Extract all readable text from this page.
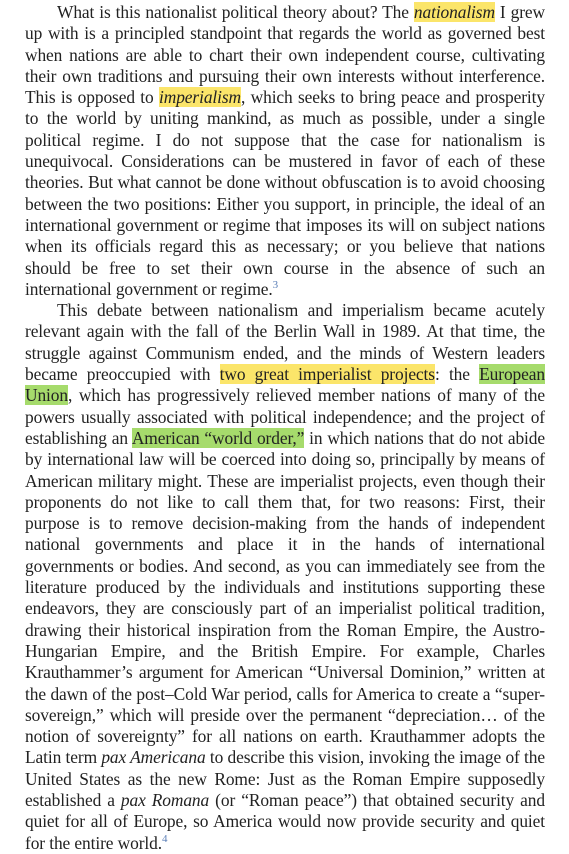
What is this nationalist political theory about? The nationalism I grew up with is a principled standpoint that regards the world as governed best when nations are able to chart their own independent course, cultivating their own traditions and pursuing their own interests without interference. This is opposed to imperialism, which seeks to bring peace and prosperity to the world by uniting mankind, as much as possible, under a single political regime. I do not suppose that the case for nationalism is unequivocal. Considerations can be mustered in favor of each of these theories. But what cannot be done without obfuscation is to avoid choosing between the two positions: Either you support, in principle, the ideal of an international government or regime that imposes its will on subject nations when its officials regard this as necessary; or you believe that nations should be free to set their own course in the absence of such an international government or regime.$^3$

This debate between nationalism and imperialism became acutely relevant again with the fall of the Berlin Wall in 1989. At that time, the struggle against Communism ended, and the minds of Western leaders became preoccupied with two great imperialist projects: the European Union, which has progressively relieved member nations of many of the powers usually associated with political independence; and the project of establishing an American “world order,” in which nations that do not abide by international law will be coerced into doing so, principally by means of American military might. These are imperialist projects, even though their proponents do not like to call them that, for two reasons: First, their purpose is to remove decision-making from the hands of independent national governments and place it in the hands of international governments or bodies. And second, as you can immediately see from the literature produced by the individuals and institutions supporting these endeavors, they are consciously part of an imperialist political tradition, drawing their historical inspiration from the Roman Empire, the Austro-Hungarian Empire, and the British Empire. For example, Charles Krauthammer’s argument for American “Universal Dominion,” written at the dawn of the post–Cold War period, calls for America to create a “super-sovereign,” which will preside over the permanent “depreciation… of the notion of sovereignty” for all nations on earth. Krauthammer adopts the Latin term pax Americana to describe this vision, invoking the image of the United States as the new Rome: Just as the Roman Empire supposedly established a pax Romana (or “Roman peace”) that obtained security and quiet for all of Europe, so America would now provide security and quiet for the entire world.$^4$
